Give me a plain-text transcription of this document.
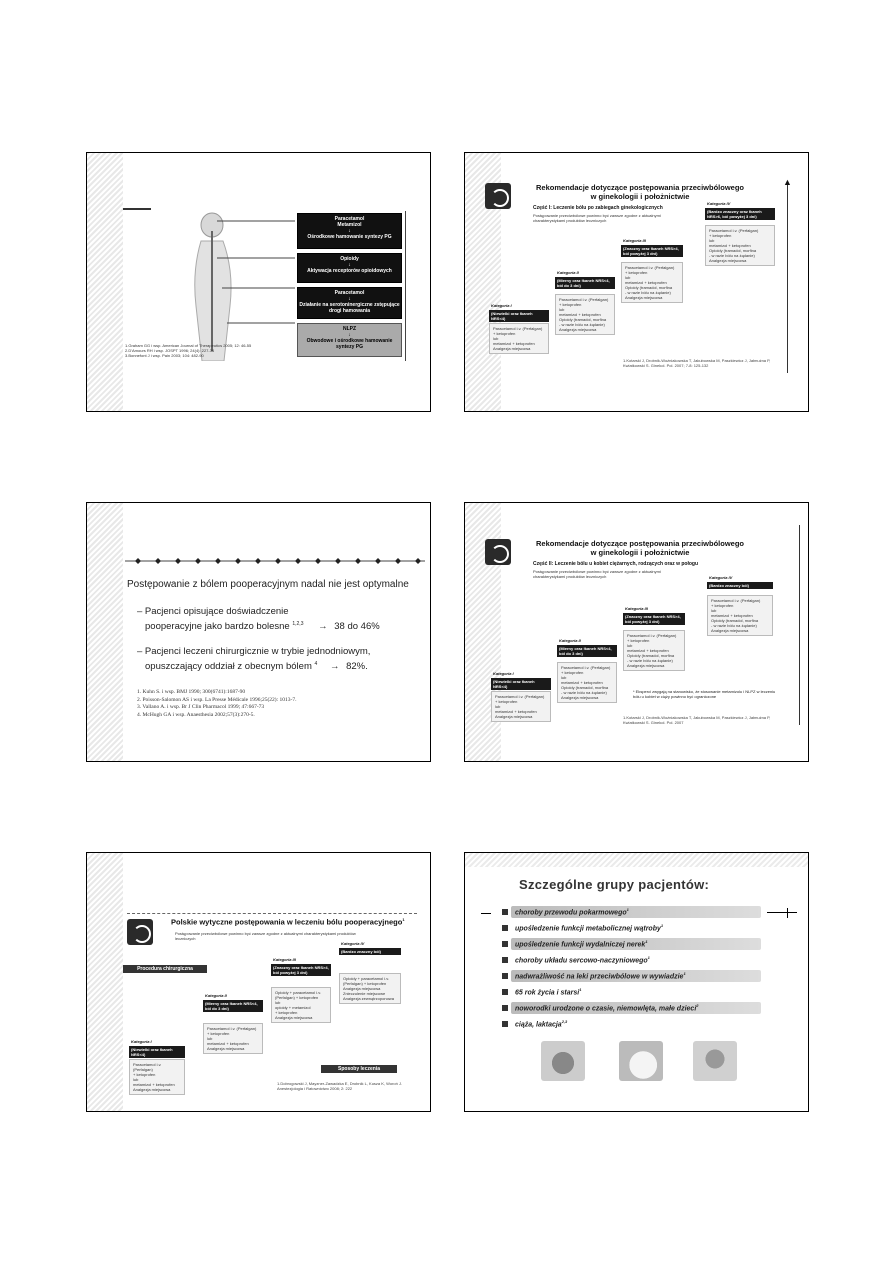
Paracetamol
Metamizol
↓
Ośrodkowe hamowanie syntezy PG
Opioidy
↓
Aktywacja receptorów opioidowych
Paracetamol
↓
Działanie na serotoninergiczne zstępujące drogi hamowania
NLPZ
↓
Obwodowe i ośrodkowe hamowanie syntezy PG
1.Graham GG i wsp. American Journal of Therapeutics 2005; 12: 46-55
2.D'Amours RH i wsp. JOSPT 1996; 24(4): 227-36
3.Bonnefont J i wsp. Pain 2003; 104: 482-90
Rekomendacje dotyczące postępowania przeciwbólowego
w ginekologii i położnictwie
Część I: Leczenie bólu po zabiegach ginekologicznych
Postępowanie przeciwbólowe powinno być zawsze zgodne z aktualnymi charakterystykami produktów leczniczych
▲
Kategoria I
(Niewielki oraz łkaneh NRS<4)
Paracetamol i.v. (Perfalgan)
+ ketoprofen
lub
metamizol + ketoprofen
Analgezja miejscowa
Kategoria II
(Mierny oraz łkaneh NRS<4, ból do 3 dni)
Paracetamol i.v. (Perfalgan)
+ ketoprofen
lub
metamizol + ketoprofen
Opioidy (tramadol, morfina
- w razie bólu na żądanie)
Analgezja miejscowa
Kategoria III
(Znaczny oraz łkaneh NRS>4, ból powyżej 3 dni)
Paracetamol i.v. (Perfalgan)
+ ketoprofen
lub
metamizol + ketoprofen
Opioidy (tramadol, morfina
- w razie bólu na żądanie)
Analgezja miejscowa
Kategoria IV
(Bardzo znaczny oraz łkaneh NRS>6, ból powyżej 3 dni)
Paracetamol i.v. (Perfalgan)
+ ketoprofen
lub
metamizol + ketoprofen
Opioidy (tramadol, morfina
- w razie bólu na żądanie)
Analgezja miejscowa
1.Kotarski J, Drobnik-Woźniakowska T, Jakubowska M, Paszkiewicz J, Jałmużna P, Kwiatkowski S. Ginekol. Pol. 2007; 7-8: 125-132
Postępowanie z bólem pooperacyjnym nadal nie jest optymalne
– Pacjenci opisujące doświadczenie
pooperacyjne jako bardzo bolesne $^{1,2,3}$ → 38 do 46%
– Pacjenci leczeni chirurgicznie w trybie jednodniowym,
opuszczający oddział z obecnym bólem $^4$ → 82%.
1. Kuhn S. i wsp. BMJ 1990; 300(6741):1687-90
2. Poisson-Salomon AS i wsp. La Presse Médicale 1996;25(22): 1013-7.
3. Vallano A. i wsp. Br J Clin Pharmacol 1999; 47:667-73
4. McHugh GA i wsp. Anaesthesia 2002;57(3):270-5.
Rekomendacje dotyczące postępowania przeciwbólowego
w ginekologii i położnictwie
Część II: Leczenie bólu u kobiet ciężarnych, rodzących oraz w połogu
Postępowanie przeciwbólowe powinno być zawsze zgodne z aktualnymi charakterystykami produktów leczniczych
Kategoria I
(Niewielki oraz łkaneh NRS<4)
Paracetamol i.v. (Perfalgan)
+ ketoprofen
lub
metamizol + ketoprofen
Analgezja miejscowa
Kategoria II
(Mierny oraz łkaneh NRS<4, ból do 3 dni)
Paracetamol i.v. (Perfalgan)
+ ketoprofen
lub
metamizol + ketoprofen
Opioidy (tramadol, morfina
- w razie bólu na żądanie)
Analgezja miejscowa
Kategoria III
(Znaczny oraz łkaneh NRS>4, ból powyżej 3 dni)
Paracetamol i.v. (Perfalgan)
+ ketoprofen
lub
metamizol + ketoprofen
Opioidy (tramadol, morfina
- w razie bólu na żądanie)
Analgezja miejscowa
Kategoria IV
(Bardzo znaczny ból)
Paracetamol i.v. (Perfalgan)
+ ketoprofen
lub
metamizol + ketoprofen
Opioidy (tramadol, morfina
- w razie bólu na żądanie)
Analgezja miejscowa
* Eksperci zwygają na stanowisko, że stosowanie metamizolu i NLPZ w leczeniu bólu u kobiet w ciąży powinno być ograniczone
1.Kotarski J, Drobnik-Woźniakowska T, Jakubowska M, Paszkiewicz J, Jałmużna P, Kwiatkowski S. Ginekol. Pol. 2007
Polskie wytyczne postępowania w leczeniu bólu pooperacyjnego$^1$
Postępowanie przeciwbólowe powinno być zawsze zgodne z aktualnymi charakterystykami produktów leczniczych
Procedura chirurgiczna
Sposoby leczenia
Kategoria I
(Niewielki oraz łkaneh NRS<4)
Paracetamol i.v. (Perfalgan)
+ ketoprofen
lub
metamizol + ketoprofen
Analgezja miejscowa
Kategoria II
(Mierny oraz łkaneh NRS<4, ból do 3 dni)
Paracetamol i.v. (Perfalgan)
+ ketoprofen
lub
metamizol + ketoprofen
Analgezja miejscowa
Kategoria III
(Znaczny oraz łkaneh NRS>4, ból powyżej 3 dni)
Opioidy + paracetamol i.v.
(Perfalgan) + ketoprofen
lub
opioidy + metamizol
+ ketoprofen
Analgezja miejscowa
Kategoria IV
(Bardzo znaczny ból)
Opioidy + paracetamol i.v.
(Perfalgan) + ketoprofen
Analgezja miejscowa
Znieczulenie miejscowe
Analgezja zewnątrzoponowa
1.Dobrogowski J, Mayzner-Zawadzka E, Drobnik L, Kusza K, Woroń J. Anestezjologia i Ratownictwo 2008; 2: 222
Szczególne grupy pacjentów:
choroby przewodu pokarmowego$^1$
upośledzenie funkcji metabolicznej wątroby$^1$
upośledzenie funkcji wydalniczej nerek$^1$
choroby układu sercowo-naczyniowego$^1$
nadwrażliwość na leki przeciwbólowe w wywiadzie$^1$
65 rok życia i starsi$^1$
noworodki urodzone o czasie, niemowlęta, małe dzieci$^2$
ciąża, laktacja$^{2,3}$
